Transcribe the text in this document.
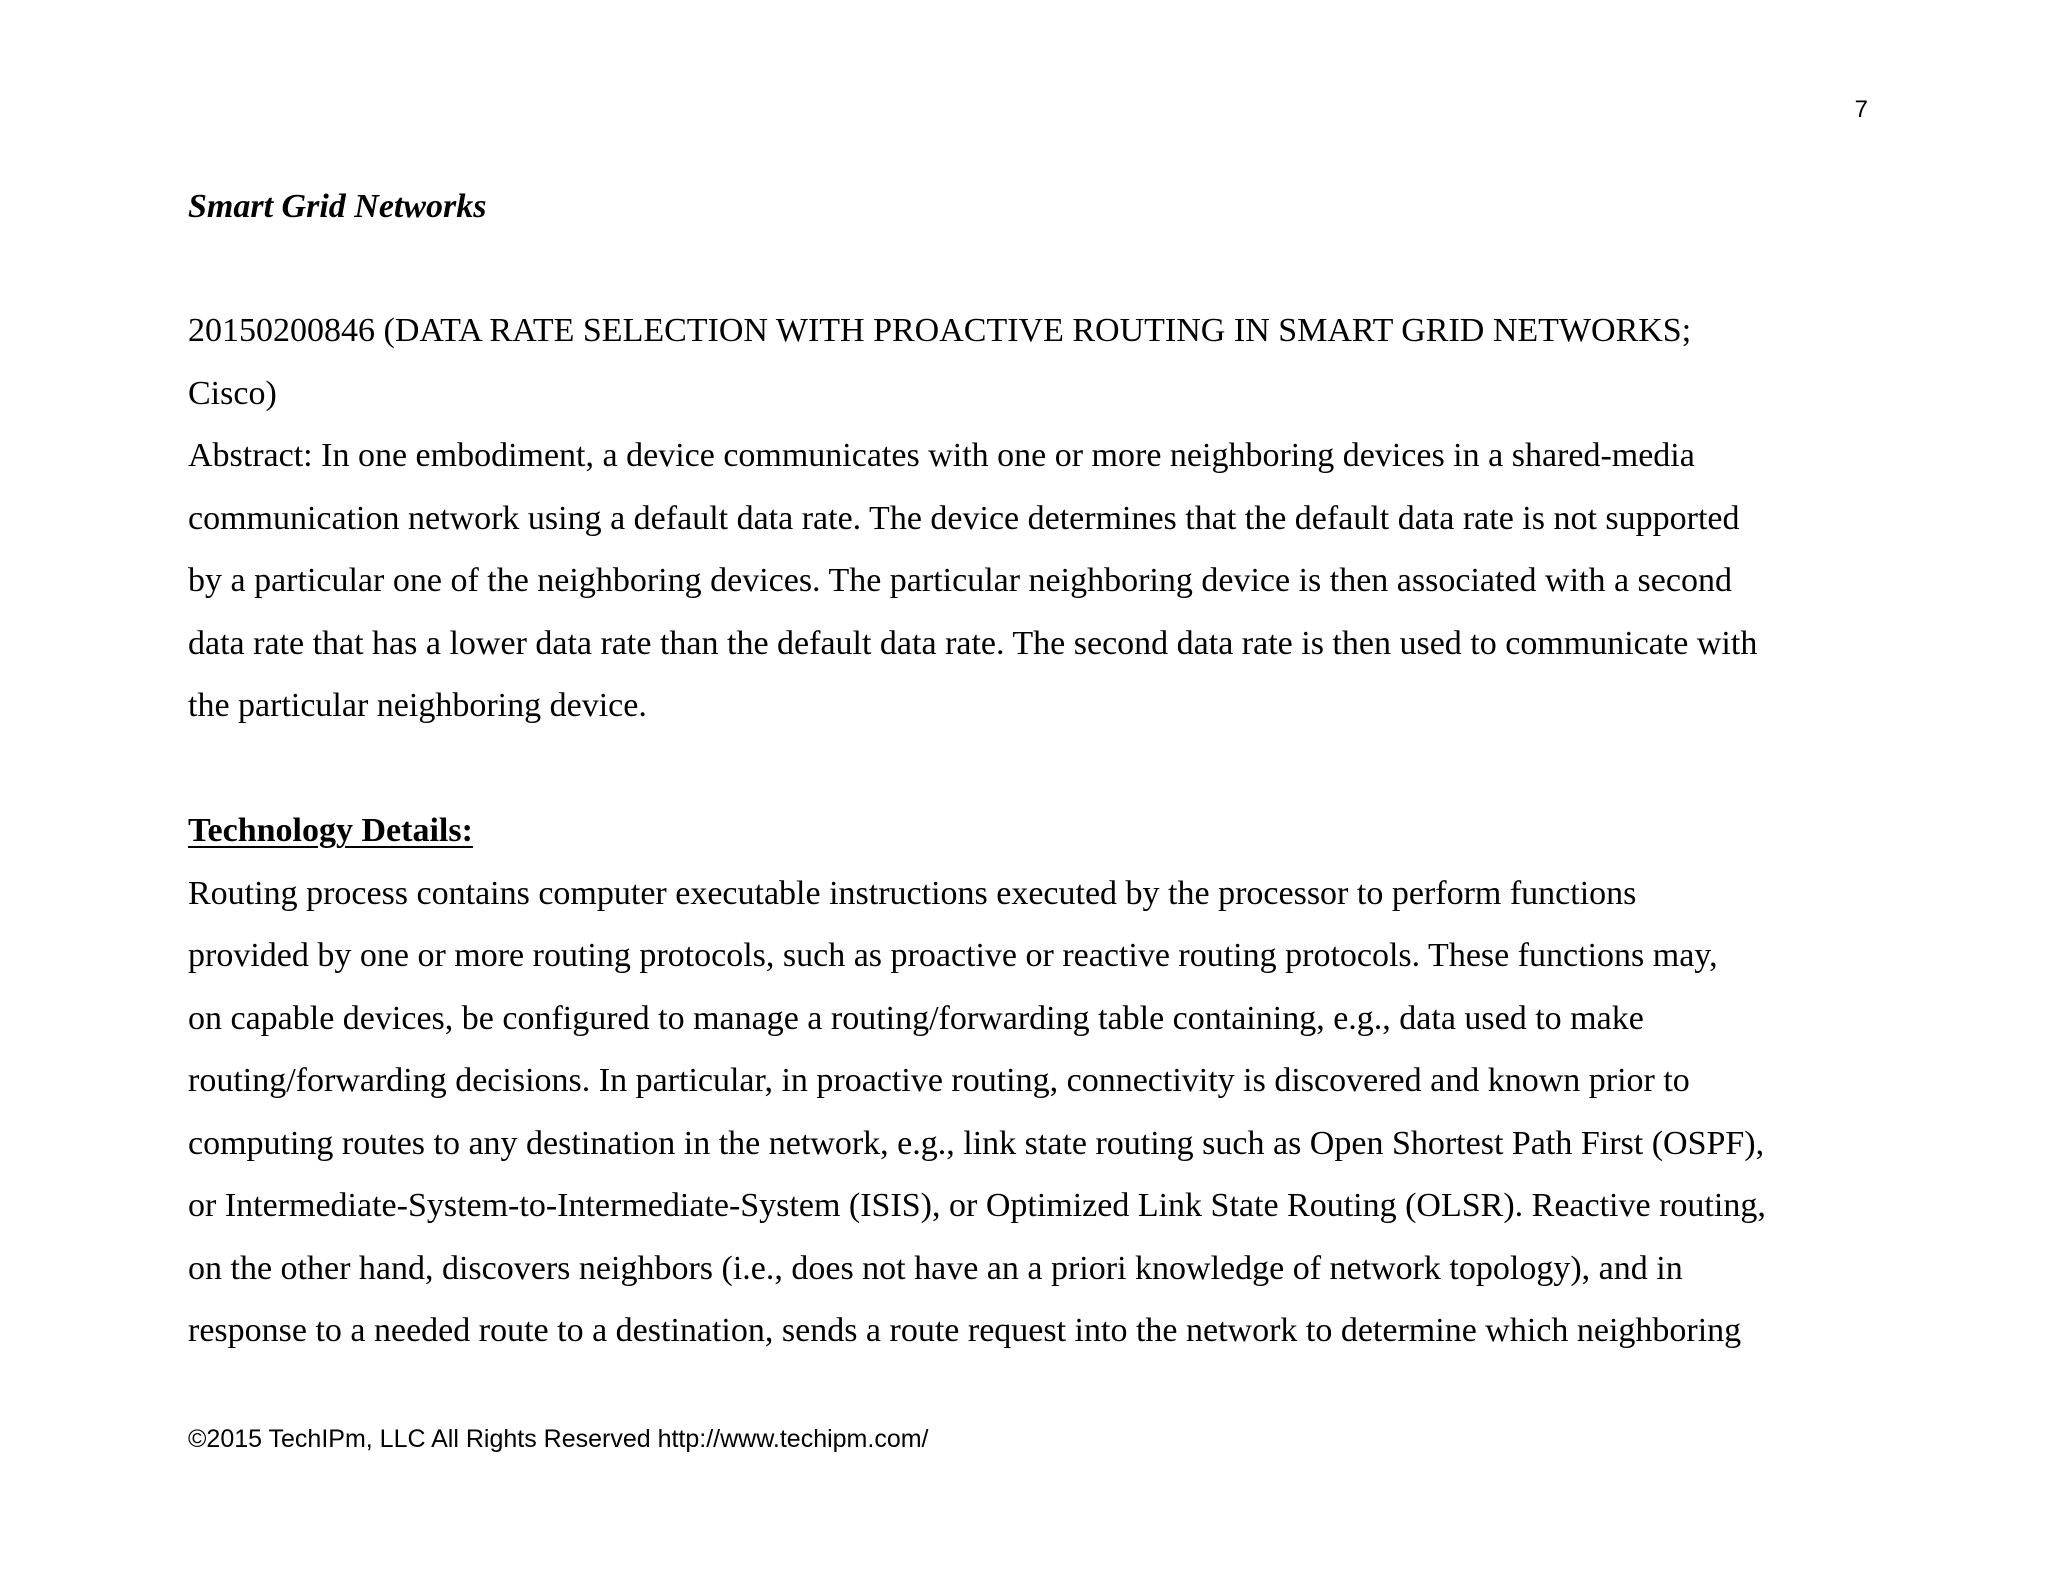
7
Smart Grid Networks

20150200846 (DATA RATE SELECTION WITH PROACTIVE ROUTING IN SMART GRID NETWORKS;

Cisco)

Abstract: In one embodiment, a device communicates with one or more neighboring devices in a shared-media

communication network using a default data rate. The device determines that the default data rate is not supported

by a particular one of the neighboring devices. The particular neighboring device is then associated with a second

data rate that has a lower data rate than the default data rate. The second data rate is then used to communicate with

the particular neighboring device.

Technology Details:

Routing process contains computer executable instructions executed by the processor to perform functions

provided by one or more routing protocols, such as proactive or reactive routing protocols. These functions may,

on capable devices, be configured to manage a routing/forwarding table containing, e.g., data used to make

routing/forwarding decisions. In particular, in proactive routing, connectivity is discovered and known prior to

computing routes to any destination in the network, e.g., link state routing such as Open Shortest Path First (OSPF),

or Intermediate-System-to-Intermediate-System (ISIS), or Optimized Link State Routing (OLSR). Reactive routing,

on the other hand, discovers neighbors (i.e., does not have an a priori knowledge of network topology), and in

response to a needed route to a destination, sends a route request into the network to determine which neighboring

©2015 TechIPm, LLC All Rights Reserved http://www.techipm.com/
